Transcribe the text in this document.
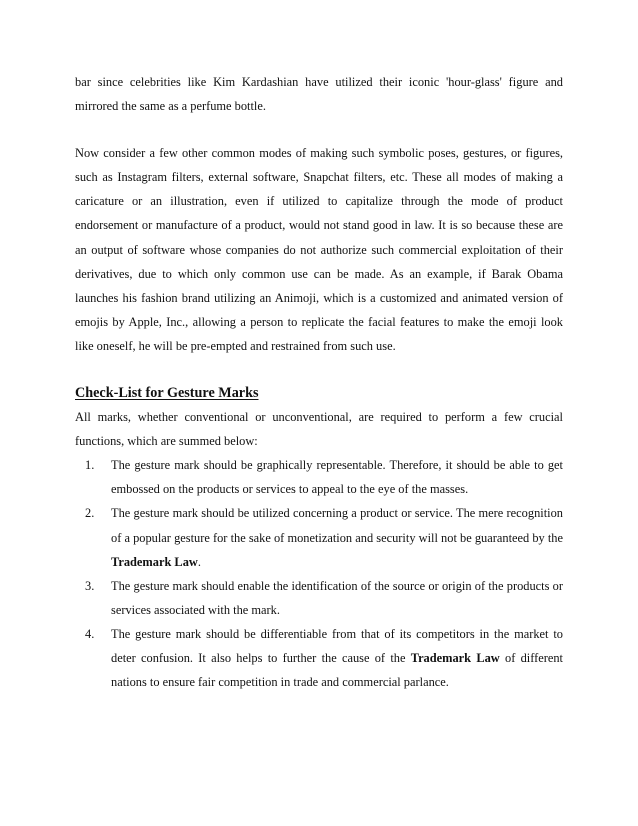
bar since celebrities like Kim Kardashian have utilized their iconic 'hour-glass' figure and mirrored the same as a perfume bottle.

Now consider a few other common modes of making such symbolic poses, gestures, or figures, such as Instagram filters, external software, Snapchat filters, etc. These all modes of making a caricature or an illustration, even if utilized to capitalize through the mode of product endorsement or manufacture of a product, would not stand good in law. It is so because these are an output of software whose companies do not authorize such commercial exploitation of their derivatives, due to which only common use can be made. As an example, if Barak Obama launches his fashion brand utilizing an Animoji, which is a customized and animated version of emojis by Apple, Inc., allowing a person to replicate the facial features to make the emoji look like oneself, he will be pre-empted and restrained from such use.

Check-List for Gesture Marks

All marks, whether conventional or unconventional, are required to perform a few crucial functions, which are summed below:

1. The gesture mark should be graphically representable. Therefore, it should be able to get embossed on the products or services to appeal to the eye of the masses.
2. The gesture mark should be utilized concerning a product or service. The mere recognition of a popular gesture for the sake of monetization and security will not be guaranteed by the Trademark Law.
3. The gesture mark should enable the identification of the source or origin of the products or services associated with the mark.
4. The gesture mark should be differentiable from that of its competitors in the market to deter confusion. It also helps to further the cause of the Trademark Law of different nations to ensure fair competition in trade and commercial parlance.
